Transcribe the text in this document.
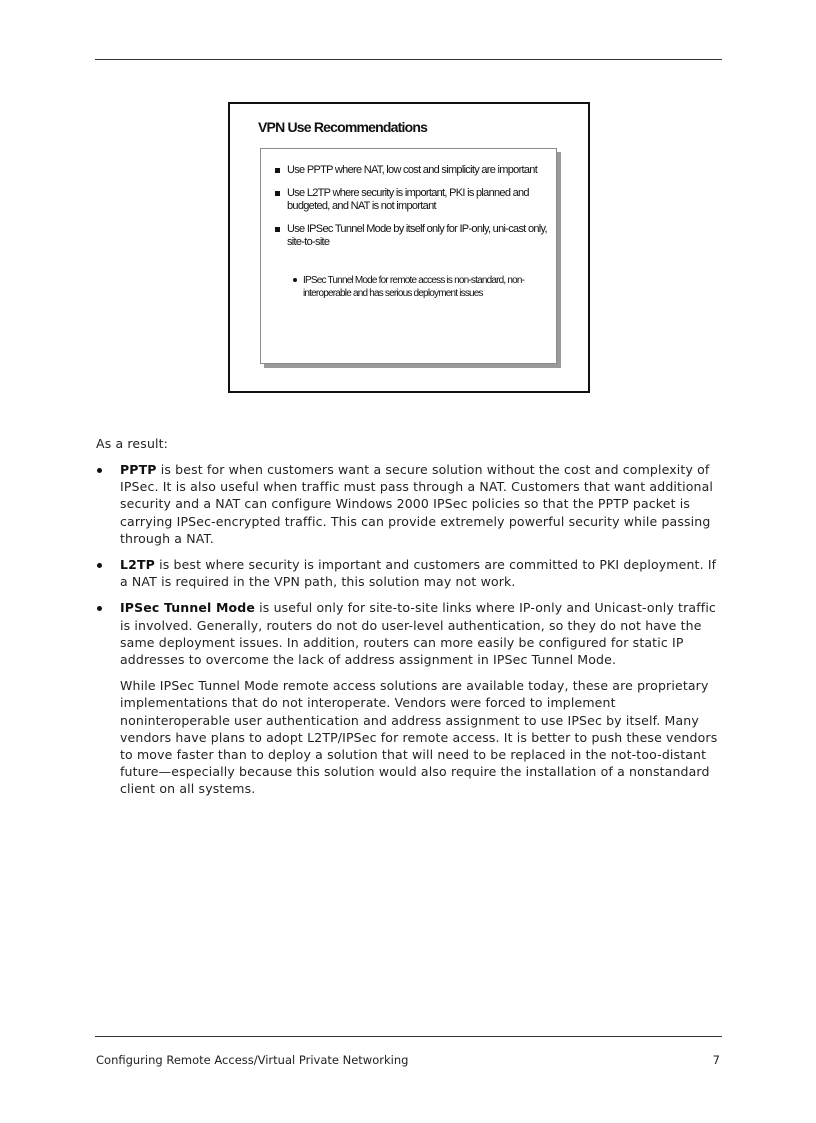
VPN Use Recommendations
Use PPTP where NAT, low cost and simplicity are important
Use L2TP where security is important, PKI is planned and budgeted, and NAT is not important
Use IPSec Tunnel Mode by itself only for IP-only, uni-cast only, site-to-site
IPSec Tunnel Mode for remote access is non-standard, non-interoperable and has serious deployment issues
As a result:
PPTP is best for when customers want a secure solution without the cost and complexity of IPSec. It is also useful when traffic must pass through a NAT. Customers that want additional security and a NAT can configure Windows 2000 IPSec policies so that the PPTP packet is carrying IPSec-encrypted traffic. This can provide extremely powerful security while passing through a NAT.
L2TP is best where security is important and customers are committed to PKI deployment. If a NAT is required in the VPN path, this solution may not work.
IPSec Tunnel Mode is useful only for site-to-site links where IP-only and Unicast-only traffic is involved. Generally, routers do not do user-level authentication, so they do not have the same deployment issues. In addition, routers can more easily be configured for static IP addresses to overcome the lack of address assignment in IPSec Tunnel Mode.
While IPSec Tunnel Mode remote access solutions are available today, these are proprietary implementations that do not interoperate. Vendors were forced to implement noninteroperable user authentication and address assignment to use IPSec by itself. Many vendors have plans to adopt L2TP/IPSec for remote access. It is better to push these vendors to move faster than to deploy a solution that will need to be replaced in the not-too-distant future—especially because this solution would also require the installation of a nonstandard client on all systems.
Configuring Remote Access/Virtual Private Networking	7
